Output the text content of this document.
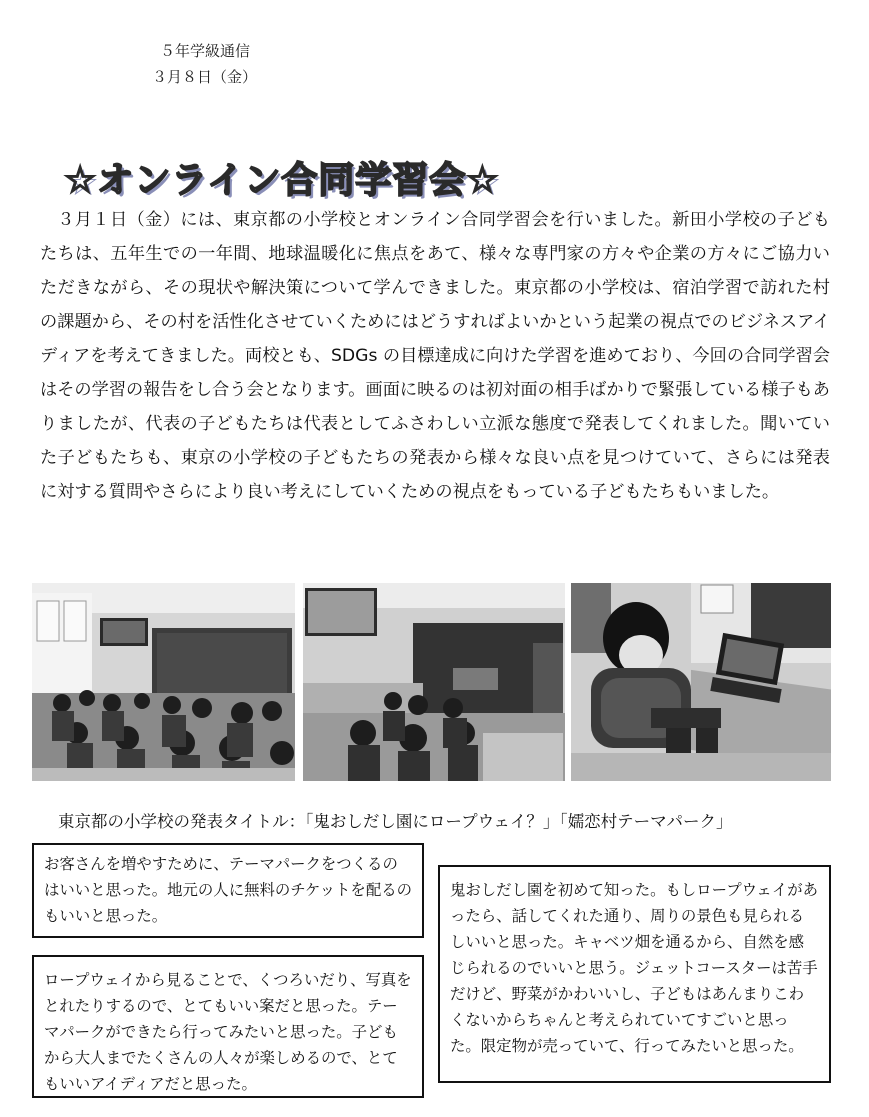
５年学級通信
３月８日（金）
☆オンライン合同学習会☆

３月１日（金）には、東京都の小学校とオンライン合同学習会を行いました。新田小学校の子どもたちは、五年生での一年間、地球温暖化に焦点をあて、様々な専門家の方々や企業の方々にご協力いただきながら、その現状や解決策について学んできました。東京都の小学校は、宿泊学習で訪れた村の課題から、その村を活性化させていくためにはどうすればよいかという起業の視点でのビジネスアイディアを考えてきました。両校とも、SDGs の目標達成に向けた学習を進めており、今回の合同学習会はその学習の報告をし合う会となります。画面に映るのは初対面の相手ばかりで緊張している様子もありましたが、代表の子どもたちは代表としてふさわしい立派な態度で発表してくれました。聞いていた子どもたちも、東京の小学校の子どもたちの発表から様々な良い点を見つけていて、さらには発表に対する質問やさらにより良い考えにしていくための視点をもっている子どもたちもいました。

東京都の小学校の発表タイトル：「鬼おしだし園にロープウェイ？」「嬬恋村テーマパーク」
お客さんを増やすために、テーマパークをつくるのはいいと思った。地元の人に無料のチケットを配るのもいいと思った。
ロープウェイから見ることで、くつろいだり、写真をとれたりするので、とてもいい案だと思った。テーマパークができたら行ってみたいと思った。子どもから大人までたくさんの人々が楽しめるので、とてもいいアイディアだと思った。
鬼おしだし園を初めて知った。もしロープウェイがあったら、話してくれた通り、周りの景色も見られるしいいと思った。キャベツ畑を通るから、自然を感じられるのでいいと思う。ジェットコースターは苦手だけど、野菜がかわいいし、子どもはあんまりこわくないからちゃんと考えられていてすごいと思った。限定物が売っていて、行ってみたいと思った。
